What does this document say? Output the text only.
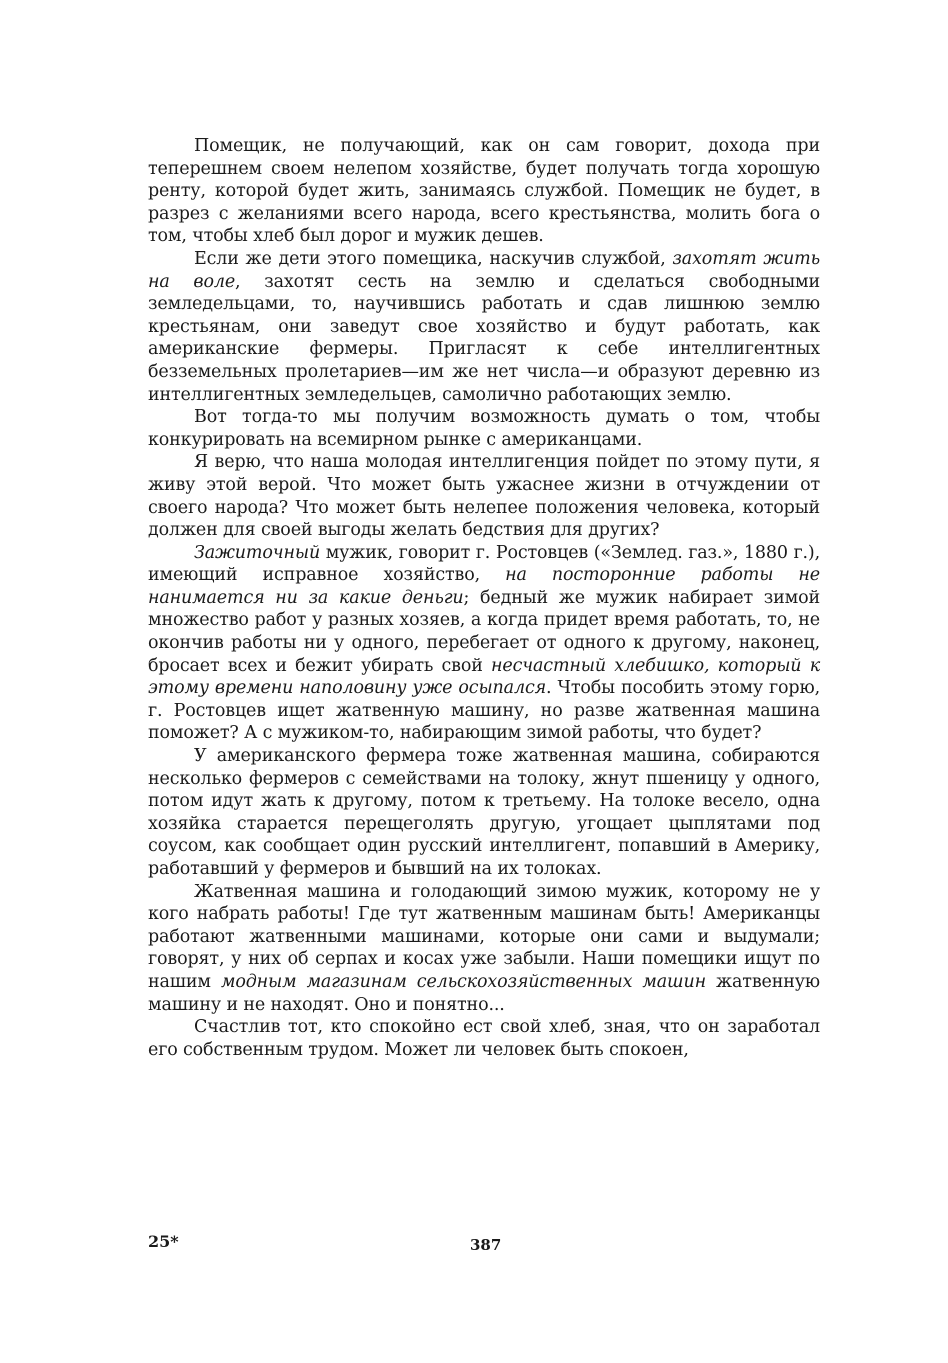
Помещик, не получающий, как он сам говорит, дохода при теперешнем своем нелепом хозяйстве, будет получать тогда хорошую ренту, которой будет жить, занимаясь службой. Помещик не будет, в разрез с желаниями всего народа, всего крестьянства, молить бога о том, чтобы хлеб был дорог и мужик дешев.

Если же дети этого помещика, наскучив службой, захотят жить на воле, захотят сесть на землю и сделаться свободными земледельцами, то, научившись работать и сдав лишнюю землю крестьянам, они заведут свое хозяйство и будут работать, как американские фермеры. Пригласят к себе интеллигентных безземельных пролетариев—им же нет числа—и образуют деревню из интеллигентных земледельцев, самолично работающих землю.

Вот тогда-то мы получим возможность думать о том, чтобы конкурировать на всемирном рынке с американцами.

Я верю, что наша молодая интеллигенция пойдет по этому пути, я живу этой верой. Что может быть ужаснее жизни в отчуждении от своего народа? Что может быть нелепее положения человека, который должен для своей выгоды желать бедствия для других?

Зажиточный мужик, говорит г. Ростовцев («Землед. газ.», 1880 г.), имеющий исправное хозяйство, на посторонние работы не нанимается ни за какие деньги; бедный же мужик набирает зимой множество работ у разных хозяев, а когда придет время работать, то, не окончив работы ни у одного, перебегает от одного к другому, наконец, бросает всех и бежит убирать свой несчастный хлебишко, который к этому времени наполовину уже осыпался. Чтобы пособить этому горю, г. Ростовцев ищет жатвенную машину, но разве жатвенная машина поможет? А с мужиком-то, набирающим зимой работы, что будет?

У американского фермера тоже жатвенная машина, собираются несколько фермеров с семействами на толоку, жнут пшеницу у одного, потом идут жать к другому, потом к третьему. На толоке весело, одна хозяйка старается перещеголять другую, угощает цыплятами под соусом, как сообщает один русский интеллигент, попавший в Америку, работавший у фермеров и бывший на их толоках.

Жатвенная машина и голодающий зимою мужик, которому не у кого набрать работы! Где тут жатвенным машинам быть! Американцы работают жатвенными машинами, которые они сами и выдумали; говорят, у них об серпах и косах уже забыли. Наши помещики ищут по нашим модным магазинам сельскохозяйственных машин жатвенную машину и не находят. Оно и понятно...

Счастлив тот, кто спокойно ест свой хлеб, зная, что он заработал его собственным трудом. Может ли человек быть спокоен,

25*	387
